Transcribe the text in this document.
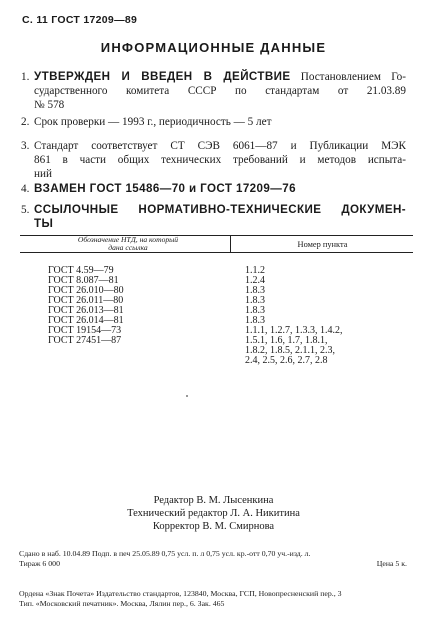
С. 11 ГОСТ 17209—89
ИНФОРМАЦИОННЫЕ ДАННЫЕ
1. УТВЕРЖДЕН И ВВЕДЕН В ДЕЙСТВИЕ Постановлением Го-
сударственного комитета СССР по стандартам от 21.03.89
№ 578
2. Срок проверки — 1993 г., периодичность — 5 лет
3. Стандарт соответствует СТ СЭВ 6061—87 и Публикации МЭК
861 в части общих технических требований и методов испыта-
ний
4. ВЗАМЕН ГОСТ 15486—70 и ГОСТ 17209—76
5. ССЫЛОЧНЫЕ НОРМАТИВНО-ТЕХНИЧЕСКИЕ ДОКУМЕН-
ТЫ
Обозначение НТД, на который
дана ссылка	Номер пункта
ГОСТ 4.59—79
ГОСТ 8.087—81
ГОСТ 26.010—80
ГОСТ 26.011—80
ГОСТ 26.013—81
ГОСТ 26.014—81
ГОСТ 19154—73
ГОСТ 27451—87
1.1.2
1.2.4
1.8.3
1.8.3
1.8.3
1.8.3
1.1.1, 1.2.7, 1.3.3, 1.4.2,
1.5.1, 1.6, 1.7, 1.8.1,
1.8.2, 1.8.5, 2.1.1, 2.3,
2.4, 2.5, 2.6, 2.7, 2.8
Редактор В. М. Лысенкина
Технический редактор Л. А. Никитина
Корректор В. М. Смирнова
Сдано в наб. 10.04.89 Подп. в печ 25.05.89 0,75 усл. п. л 0,75 усл. кр.-отт 0,70 уч.-изд. л.
Тираж 6 000	Цена 5 к.
Ордена «Знак Почета» Издательство стандартов, 123840, Москва, ГСП, Новопресненский пер., 3
Тип. «Московский печатник». Москва, Лялин пер., 6. Зак. 465
